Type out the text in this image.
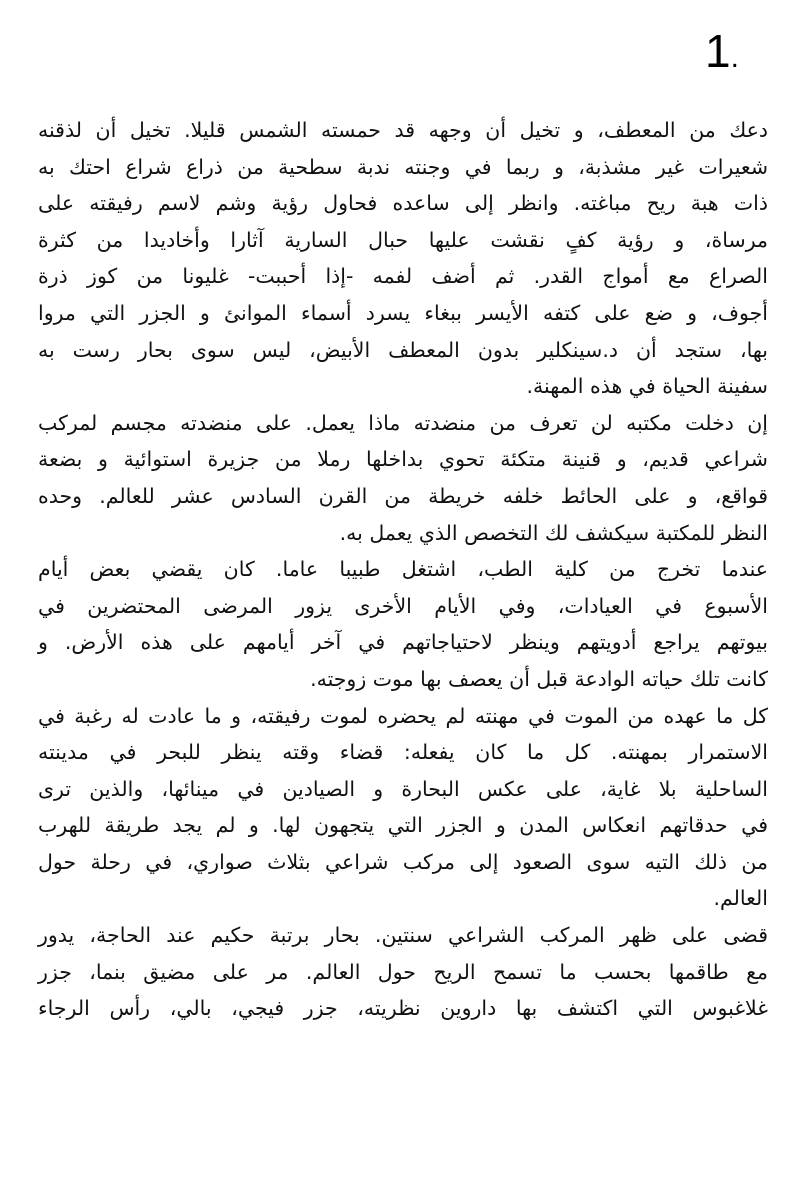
1.
دعك من المعطف، و تخيل أن وجهه قد حمسته الشمس قليلا. تخيل أن لذقنه
شعيرات غير مشذبة، و ربما في وجنته ندبة سطحية من ذراع شراع احتك به
ذات هبة ريح مباغته. وانظر إلى ساعده فحاول رؤية وشم لاسم رفيقته على
مرساة، و رؤية كفٍ نقشت عليها حبال السارية آثارا وأخاديدا من كثرة
الصراع مع أمواج القدر. ثم أضف لفمه -إذا أحببت- غليونا من كوز ذرة
أجوف، و ضع على كتفه الأيسر ببغاء يسرد أسماء الموانئ و الجزر التي مروا
بها، ستجد أن د.سينكلير بدون المعطف الأبيض، ليس سوى بحار رست به
سفينة الحياة في هذه المهنة.
إن دخلت مكتبه لن تعرف من منضدته ماذا يعمل. على منضدته مجسم لمركب
شراعي قديم، و قنينة متكئة تحوي بداخلها رملا من جزيرة استوائية و بضعة
قواقع، و على الحائط خلفه خريطة من القرن السادس عشر للعالم. وحده
النظر للمكتبة سيكشف لك التخصص الذي يعمل به.
عندما تخرج من كلية الطب، اشتغل طبيبا عاما. كان يقضي بعض أيام
الأسبوع في العيادات، وفي الأيام الأخرى يزور المرضى المحتضرين في
بيوتهم يراجع أدويتهم وينظر لاحتياجاتهم في آخر أيامهم على هذه الأرض. و
كانت تلك حياته الوادعة قبل أن يعصف بها موت زوجته.
كل ما عهده من الموت في مهنته لم يحضره لموت رفيقته، و ما عادت له رغبة في
الاستمرار بمهنته. كل ما كان يفعله: قضاء وقته ينظر للبحر في مدينته
الساحلية بلا غاية، على عكس البحارة و الصيادين في مينائها، والذين ترى
في حدقاتهم انعكاس المدن و الجزر التي يتجهون لها. و لم يجد طريقة للهرب
من ذلك التيه سوى الصعود إلى مركب شراعي بثلاث صواري، في رحلة حول
العالم.
قضى على ظهر المركب الشراعي سنتين. بحار برتبة حكيم عند الحاجة، يدور
مع طاقمها بحسب ما تسمح الريح حول العالم. مر على مضيق بنما، جزر
غلاغبوس التي اكتشف بها داروين نظريته، جزر فيجي، بالي، رأس الرجاء
